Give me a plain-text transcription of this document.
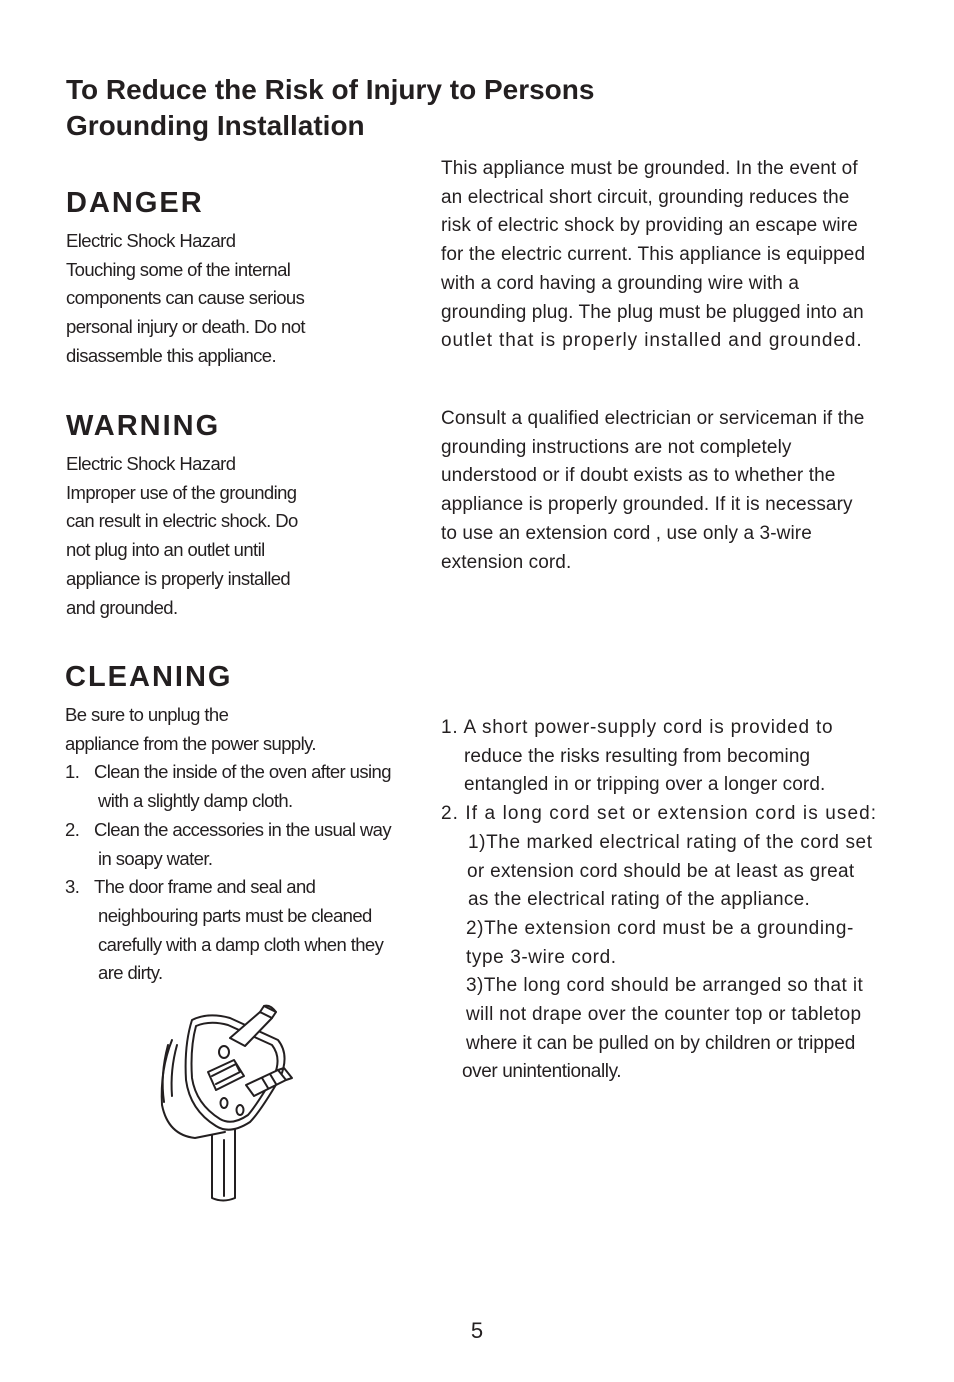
To Reduce the Risk of Injury to Persons
Grounding Installation
DANGER

Electric Shock Hazard
Touching some of the internal
components can cause serious
personal injury or death. Do not
disassemble this appliance.

WARNING

Electric Shock Hazard
Improper use of the grounding
can result in electric shock. Do
not plug into an outlet until
appliance is properly installed
and grounded.

CLEANING

Be sure to unplug the
appliance from the power supply.

1. Clean the inside of the oven after using
with a slightly damp cloth.
2. Clean the accessories in the usual way
in soapy water.
3. The door frame and seal and
neighbouring parts must be cleaned
carefully with a damp cloth when they
are dirty.

This appliance must be grounded. In the event of
an electrical short circuit, grounding reduces the
risk of electric shock by providing an escape wire
for the electric current. This appliance is equipped
with a cord having a grounding wire with a
grounding plug. The plug must be plugged into an
outlet that is properly installed and grounded.

Consult a qualified electrician or serviceman if the
grounding instructions are not completely
understood or if doubt exists as to whether the
appliance is properly grounded. If it is necessary
to use an extension cord , use only a 3-wire
extension cord.

1. A short power-supply cord is provided to
reduce the risks resulting from becoming
entangled in or tripping over a longer cord.
2. If a long cord set or extension cord is used:
1)The marked electrical rating of the cord set
or extension cord should be at least as great
as the electrical rating of the appliance.
2)The extension cord must be a grounding-
type 3-wire cord.
3)The long cord should be arranged so that it
will not drape over the counter top or tabletop
where it can be pulled on by children or tripped
over unintentionally.
5
